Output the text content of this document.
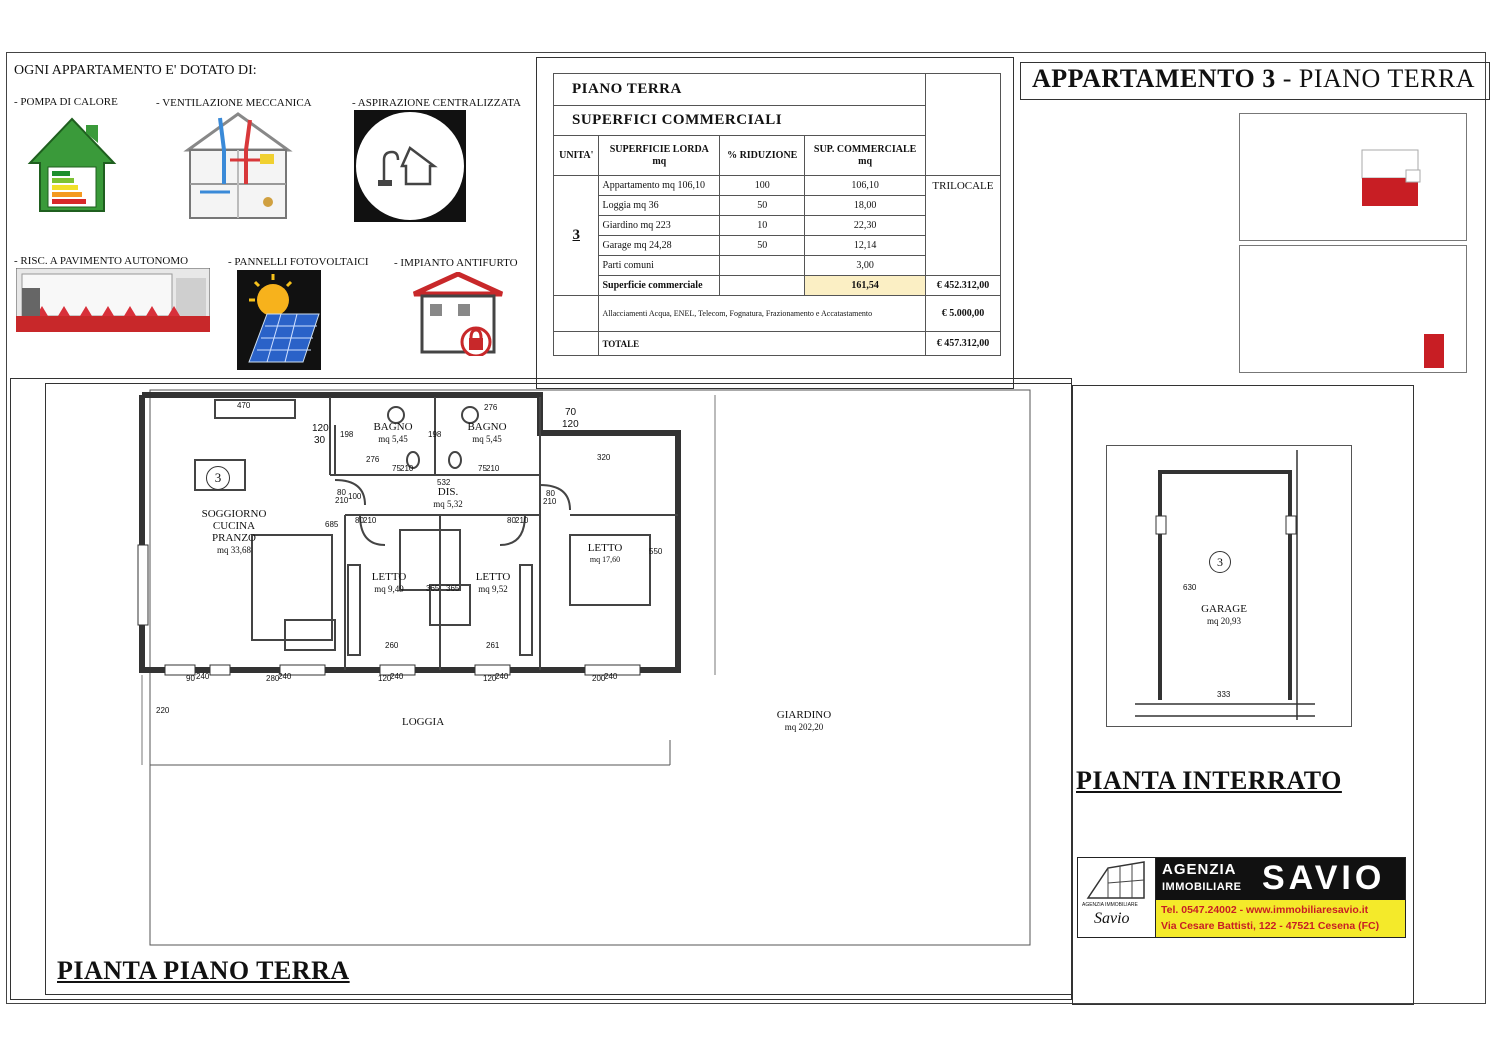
OGNI APPARTAMENTO E' DOTATO DI:
- POMPA DI CALORE	- VENTILAZIONE MECCANICA	- ASPIRAZIONE CENTRALIZZATA
- RISC. A PAVIMENTO AUTONOMO	- PANNELLI FOTOVOLTAICI - IMPIANTO ANTIFURTO
PIANO TERRA				
SUPERFICI COMMERCIALI				
UNITA'	SUPERFICIE LORDA
mq	% RIDUZIONE	SUP. COMMERCIALE
mq	
3	Appartamento mq 106,10	100	106,10	TRILOCALE
	Loggia mq 36	50	18,00	
	Giardino mq 223	10	22,30	
	Garage mq 24,28	50	12,14	
	Parti comuni		3,00	
	Superficie commerciale		161,54	€ 452.312,00
	Allacciamenti Acqua, ENEL, Telecom, Fognatura, Frazionamento e Accatastamento			€ 5.000,00
	TOTALE			€ 457.312,00
APPARTAMENTO 3 - PIANO TERRA
3
SOGGIORNO
CUCINA
PRANZO
mq 33,68
BAGNO
mq 5,45
BAGNO
mq 5,45
DIS.
mq 5,32
LETTO
mq 9,49
LETTO
mq 9,52
LETTO
mq 17,60
LOGGIA
GIARDINO
mq 202,20
470	276	70
120
120
30
276
75 210	75 210
320
80
210 100	80
210
532
80 210	80 210
685
365 365
550
260	261
90 240	280
240	120
240	120
240	200
240
220
198	198
PIANTA PIANO TERRA
3
GARAGE
mq 20,93
630
333
PIANTA INTERRATO
AGENZIA IMMOBILIARE
Savio
AGENZIA
IMMOBILIARE SAVIO
Tel. 0547.24002 - www.immobiliaresavio.it
Via Cesare Battisti, 122 - 47521 Cesena (FC)
